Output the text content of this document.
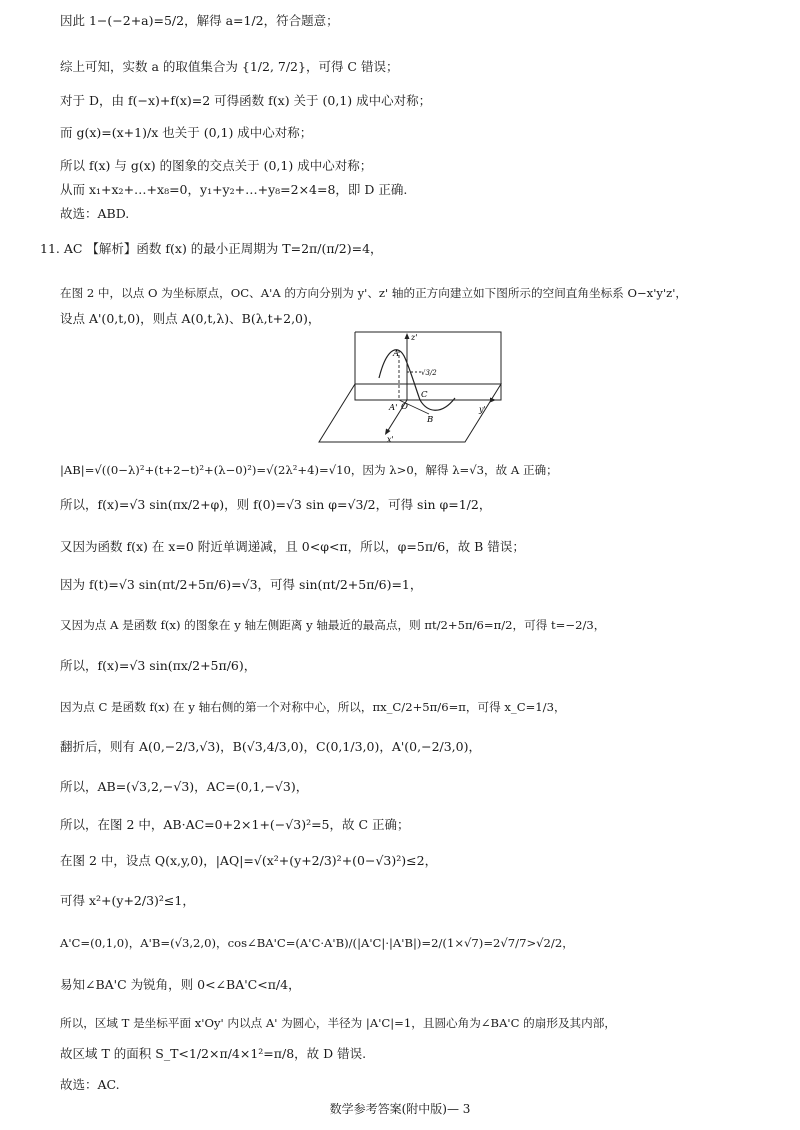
因此 1−(−2+a)=5/2，解得 a=1/2，符合题意；
综上可知，实数 a 的取值集合为 {1/2, 7/2}，可得 C 错误；
对于 D，由 f(−x)+f(x)=2 可得函数 f(x) 关于 (0,1) 成中心对称；
而 g(x)=(x+1)/x 也关于 (0,1) 成中心对称；
所以 f(x) 与 g(x) 的图象的交点关于 (0,1) 成中心对称；
从而 x₁+x₂+…+x₈=0，y₁+y₂+…+y₈=2×4=8，即 D 正确.
故选：ABD.
11. AC 【解析】函数 f(x) 的最小正周期为 T=2π/(π/2)=4，
在图 2 中，以点 O 为坐标原点，OC、A'A 的方向分别为 y'、z' 轴的正方向建立如下图所示的空间直角坐标系 O−x'y'z'，
设点 A'(0,t,0)，则点 A(0,t,λ)、B(λ,t+2,0)，
|AB|=√((0−λ)²+(t+2−t)²+(λ−0)²)=√(2λ²+4)=√10，因为 λ>0，解得 λ=√3，故 A 正确；
所以，f(x)=√3 sin(πx/2+φ)，则 f(0)=√3 sin φ=√3/2，可得 sin φ=1/2，
又因为函数 f(x) 在 x=0 附近单调递减，且 0<φ<π，所以，φ=5π/6，故 B 错误；
因为 f(t)=√3 sin(πt/2+5π/6)=√3，可得 sin(πt/2+5π/6)=1，
又因为点 A 是函数 f(x) 的图象在 y 轴左侧距离 y 轴最近的最高点，则 πt/2+5π/6=π/2，可得 t=−2/3，
所以，f(x)=√3 sin(πx/2+5π/6)，
因为点 C 是函数 f(x) 在 y 轴右侧的第一个对称中心，所以，πx_C/2+5π/6=π，可得 x_C=1/3，
翻折后，则有 A(0,−2/3,√3)，B(√3,4/3,0)，C(0,1/3,0)，A'(0,−2/3,0)，
所以，AB=(√3,2,−√3)，AC=(0,1,−√3)，
所以，在图 2 中，AB·AC=0+2×1+(−√3)²=5，故 C 正确；
在图 2 中，设点 Q(x,y,0)，|AQ|=√(x²+(y+2/3)²+(0−√3)²)≤2，
可得 x²+(y+2/3)²≤1，
A'C=(0,1,0)，A'B=(√3,2,0)，cos∠BA'C=(A'C·A'B)/(|A'C|·|A'B|)=2/(1×√7)=2√7/7>√2/2，
易知∠BA'C 为锐角，则 0<∠BA'C<π/4，
所以，区域 T 是坐标平面 x'Oy' 内以点 A' 为圆心，半径为 |A'C|=1，且圆心角为∠BA'C 的扇形及其内部，
故区域 T 的面积 S_T<1/2×π/4×1²=π/8，故 D 错误.
故选：AC.
z'
A
√3/2
A' O
C
B
y'
x'
数学参考答案(附中版)— 3
